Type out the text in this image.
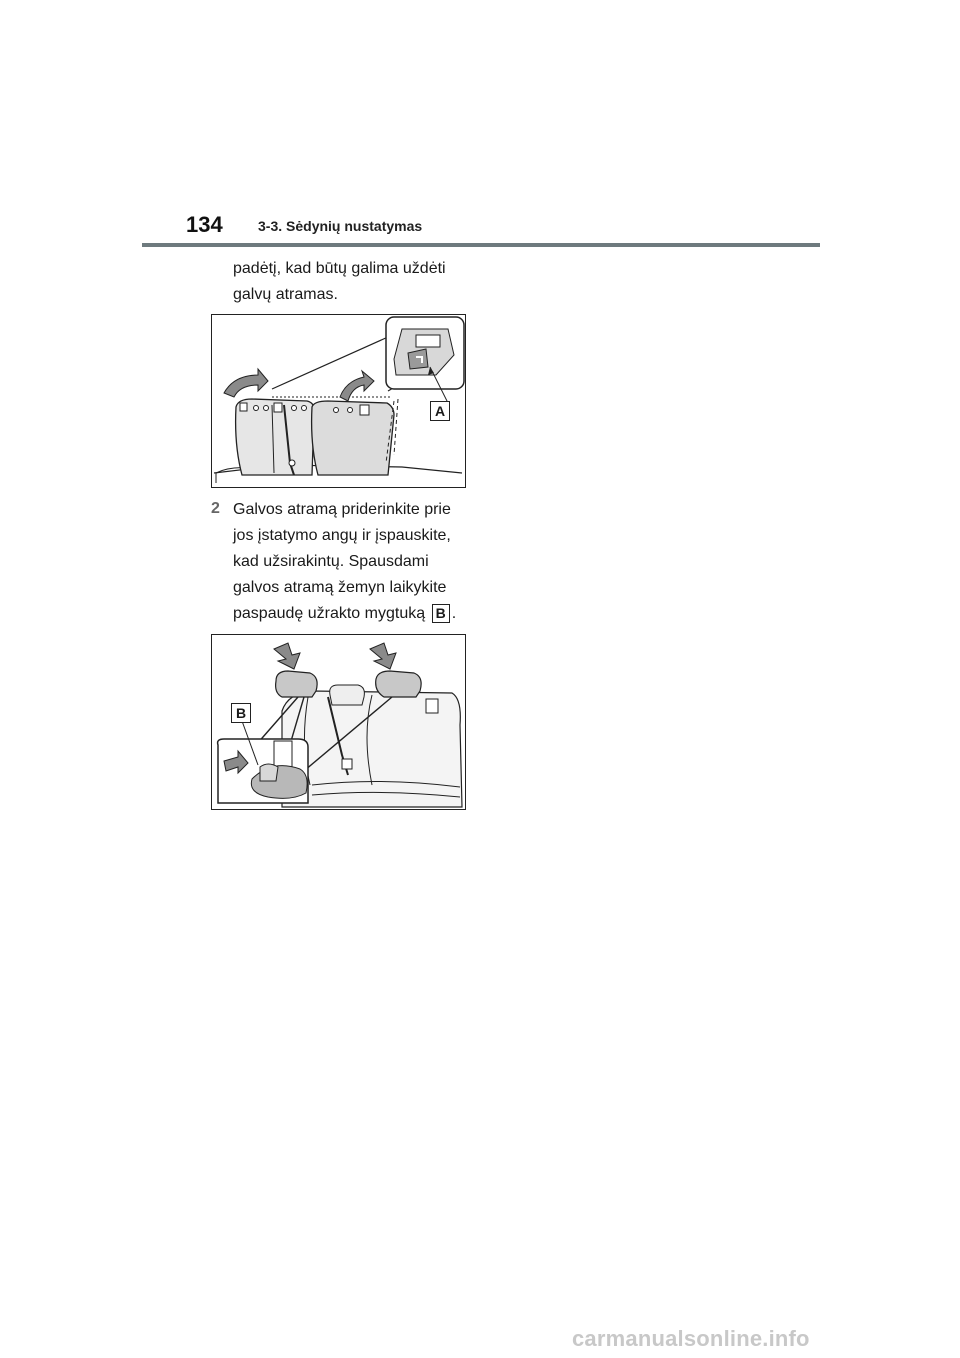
134	3-3. Sėdynių nustatymas
padėtį, kad būtų galima uždėti
galvų atramas.
A
2 Galvos atramą priderinkite prie
jos įstatymo angų ir įspauskite,
kad užsirakintų. Spausdami
galvos atramą žemyn laikykite
paspaudę užrakto mygtuką B .
B
carmanualsonline.info
